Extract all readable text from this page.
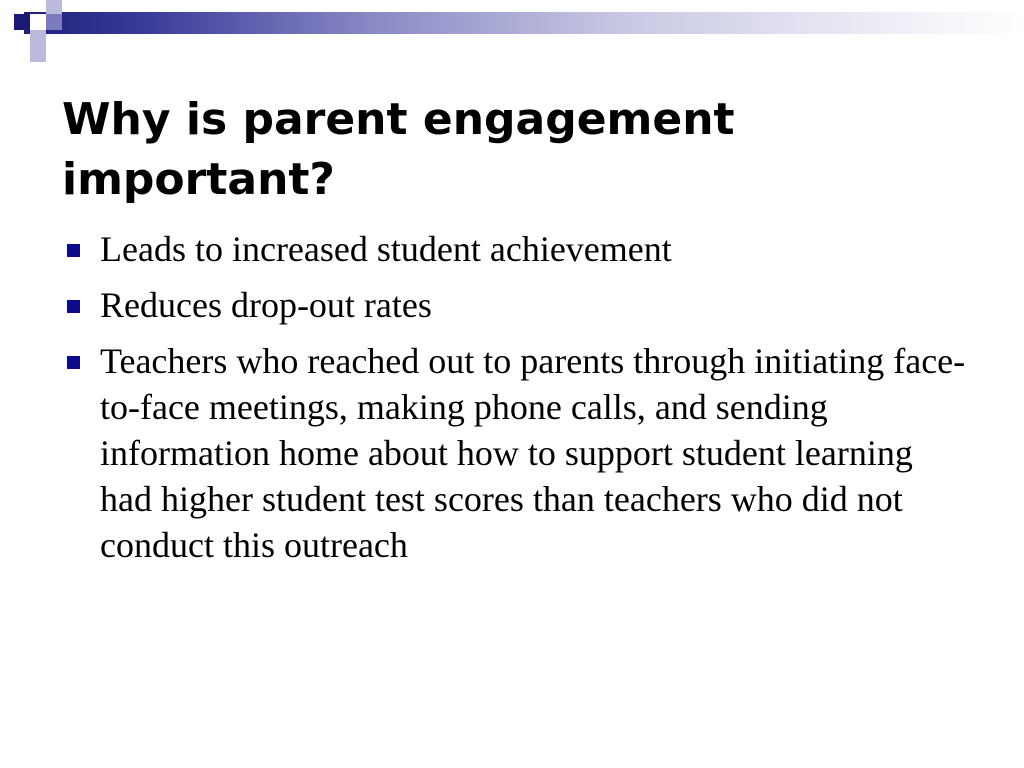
Why is parent engagement important?
Leads to increased student achievement
Reduces drop-out rates
Teachers who reached out to parents through initiating face-to-face meetings, making phone calls, and sending information home about how to support student learning had higher student test scores than teachers who did not conduct this outreach
